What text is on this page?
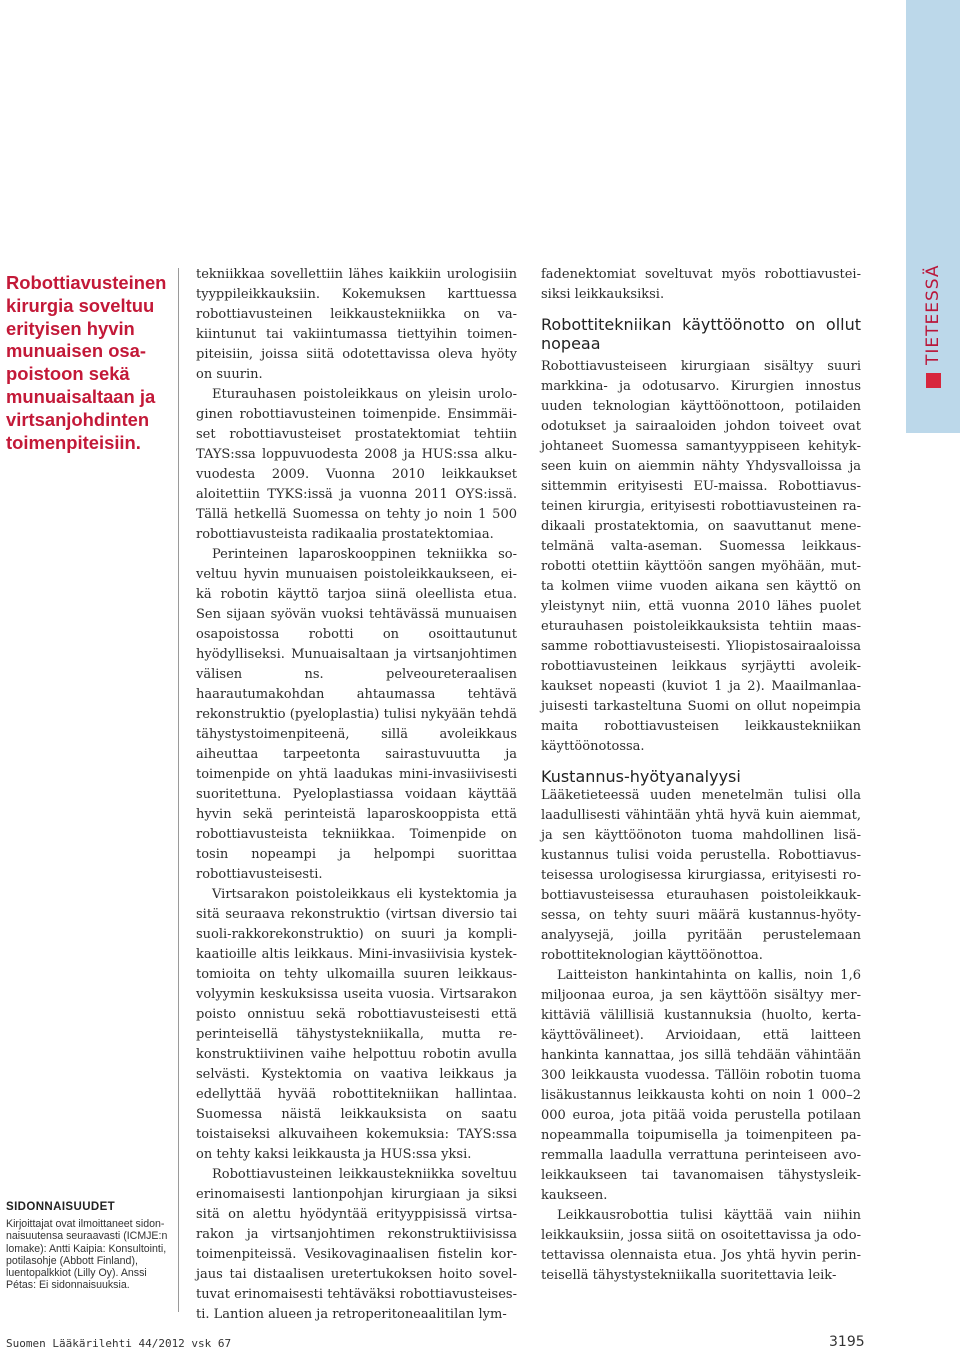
TIETEESSÄ
Robottiavusteinen kirurgia soveltuu erityisen hyvin munuaisen osapoistoon sekä munuaisaltaan ja virtsanjohdinten toimenpiteisiin.
SIDONNAISUUDET
Kirjoittajat ovat ilmoittaneet sidonnaisuutensa seuraavasti (ICMJE:n lomake): Antti Kaipia: Konsultointi, potilasohje (Abbott Finland), luentopalkkiot (Lilly Oy). Anssi Pétas: Ei sidonnaisuuksia.

tekniikkaa sovellettiin lähes kaikkiin urologisiin tyyppileikkauksiin. Kokemuksen karttuessa robottiavusteinen leikkaustekniikka on vakiintunut tai vakiintumassa tiettyihin toimenpiteisiin, joissa siitä odotettavissa oleva hyöty on suurin.

Eturauhasen poistoleikkaus on yleisin urologinen robottiavusteinen toimenpide. Ensimmäiset robottiavusteiset prostatektomiat tehtiin TAYS:ssa loppuvuodesta 2008 ja HUS:ssa alkuvuodesta 2009. Vuonna 2010 leikkaukset aloitettiin TYKS:issä ja vuonna 2011 OYS:issä. Tällä hetkellä Suomessa on tehty jo noin 1 500 robottiavusteista radikaalia prostatektomiaa.

Perinteinen laparoskooppinen tekniikka soveltuu hyvin munuaisen poistoleikkaukseen, eikä robotin käyttö tarjoa siinä oleellista etua. Sen sijaan syövän vuoksi tehtävässä munuaisen osapoistossa robotti on osoittautunut hyödylliseksi. Munuaisaltaan ja virtsanjohtimen välisen ns. pelveoureteraalisen haarautumakohdan ahtaumassa tehtävä rekonstruktio (pyeloplastia) tulisi nykyään tehdä tähystystoimenpiteenä, sillä avoleikkaus aiheuttaa tarpeetonta sairastuvuutta ja toimenpide on yhtä laadukas mini-invasiivisesti suoritettuna. Pyeloplastiassa voidaan käyttää hyvin sekä perinteistä laparoskooppista että robottiavusteista tekniikkaa. Toimenpide on tosin nopeampi ja helpompi suorittaa robottiavusteisesti.

Virtsarakon poistoleikkaus eli kystektomia ja sitä seuraava rekonstruktio (virtsan diversio tai suoli-rakkorekonstruktio) on suuri ja komplikaatioille altis leikkaus. Mini-invasiivisia kystektomioita on tehty ulkomailla suuren leikkausvolyymin keskuksissa useita vuosia. Virtsarakon poisto onnistuu sekä robottiavusteisesti että perinteisellä tähystystekniikalla, mutta rekonstruktiivinen vaihe helpottuu robotin avulla selvästi. Kystektomia on vaativa leikkaus ja edellyttää hyvää robottitekniikan hallintaa. Suomessa näistä leikkauksista on saatu toistaiseksi alkuvaiheen kokemuksia: TAYS:ssa on tehty kaksi leikkausta ja HUS:ssa yksi.

Robottiavusteinen leikkaustekniikka soveltuu erinomaisesti lantionpohjan kirurgiaan ja siksi sitä on alettu hyödyntää erityyppisissä virtsarakon ja virtsanjohtimen rekonstruktiivisissa toimenpiteissä. Vesikovaginaalisen fistelin korjaus tai distaalisen uretertukoksen hoito soveltuvat erinomaisesti tehtäväksi robottiavusteisesti. Lantion alueen ja retroperitoneaalitilan lym-

fadenektomiat soveltuvat myös robottiavusteisiksi leikkauksiksi.

Robottitekniikan käyttöönotto on ollut nopeaa

Robottiavusteiseen kirurgiaan sisältyy suuri markkina- ja odotusarvo. Kirurgien innostus uuden teknologian käyttöönottoon, potilaiden odotukset ja sairaaloiden johdon toiveet ovat johtaneet Suomessa samantyyppiseen kehitykseen kuin on aiemmin nähty Yhdysvalloissa ja sittemmin erityisesti EU-maissa. Robottiavusteinen kirurgia, erityisesti robottiavusteinen radikaali prostatektomia, on saavuttanut menetelmänä valta-aseman. Suomessa leikkausrobotti otettiin käyttöön sangen myöhään, mutta kolmen viime vuoden aikana sen käyttö on yleistynyt niin, että vuonna 2010 lähes puolet eturauhasen poistoleikkauksista tehtiin maassamme robottiavusteisesti. Yliopistosairaaloissa robottiavusteinen leikkaus syrjäytti avoleikkaukset nopeasti (kuviot 1 ja 2). Maailmanlaajuisesti tarkasteltuna Suomi on ollut nopeimpia maita robottiavusteisen leikkaustekniikan käyttöönotossa.

Kustannus-hyötyanalyysi

Lääketieteessä uuden menetelmän tulisi olla laadullisesti vähintään yhtä hyvä kuin aiemmat, ja sen käyttöönoton tuoma mahdollinen lisäkustannus tulisi voida perustella. Robottiavusteisessa urologisessa kirurgiassa, erityisesti robottiavusteisessa eturauhasen poistoleikkauksessa, on tehty suuri määrä kustannus-hyötyanalyysejä, joilla pyritään perustelemaan robottiteknologian käyttöönottoa.

Laitteiston hankintahinta on kallis, noin 1,6 miljoonaa euroa, ja sen käyttöön sisältyy merkittäviä välillisiä kustannuksia (huolto, kertakäyttövälineet). Arvioidaan, että laitteen hankinta kannattaa, jos sillä tehdään vähintään 300 leikkausta vuodessa. Tällöin robotin tuoma lisäkustannus leikkausta kohti on noin 1 000–2 000 euroa, jota pitää voida perustella potilaan nopeammalla toipumisella ja toimenpiteen paremmalla laadulla verrattuna perinteiseen avoleikkaukseen tai tavanomaisen tähystysleikkaukseen.

Leikkausrobottia tulisi käyttää vain niihin leikkauksiin, jossa siitä on osoitettavissa ja odotettavissa olennaista etua. Jos yhtä hyvin perinteisellä tähystystekniikalla suoritettavia leik-

Suomen Lääkärilehti 44/2012 vsk 67	3195
